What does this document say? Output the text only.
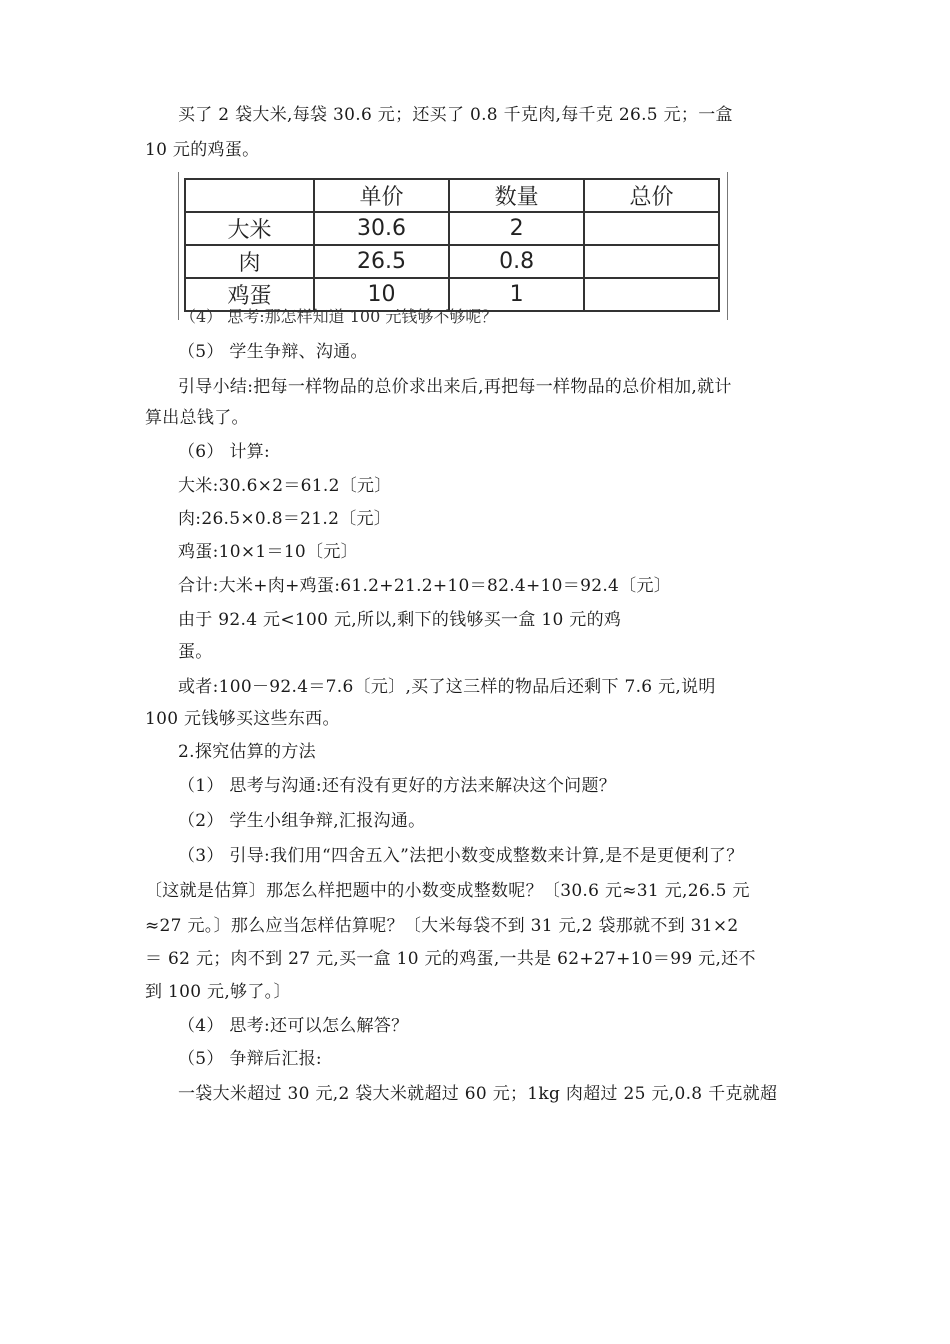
买了 2 袋大米,每袋 30.6 元；还买了 0.8 千克肉,每千克 26.5 元；一盒
10 元的鸡蛋。
	单价	数量	总价
大米	30.6	2	
肉	26.5	0.8	
鸡蛋	10	1	
（4） 思考:那怎样知道 100 元钱够不够呢？
（5） 学生争辩、沟通。
引导小结:把每一样物品的总价求出来后,再把每一样物品的总价相加,就计
算出总钱了。
（6） 计算:
大米:30.6×2＝61.2〔元〕
肉:26.5×0.8＝21.2〔元〕
鸡蛋:10×1＝10〔元〕
合计:大米+肉+鸡蛋:61.2+21.2+10＝82.4+10＝92.4〔元〕
由于 92.4 元<100 元,所以,剩下的钱够买一盒 10 元的鸡
蛋。
或者:100－92.4＝7.6〔元〕,买了这三样的物品后还剩下 7.6 元,说明
100 元钱够买这些东西。
2.探究估算的方法
（1） 思考与沟通:还有没有更好的方法来解决这个问题？
（2） 学生小组争辩,汇报沟通。
（3） 引导:我们用“四舍五入”法把小数变成整数来计算,是不是更便利了？
〔这就是估算〕那怎么样把题中的小数变成整数呢？〔30.6 元≈31 元,26.5 元
≈27 元。〕那么应当怎样估算呢？〔大米每袋不到 31 元,2 袋那就不到 31×2
＝ 62 元；肉不到 27 元,买一盒 10 元的鸡蛋,一共是 62+27+10＝99 元,还不
到 100 元,够了。〕
（4） 思考:还可以怎么解答？
（5） 争辩后汇报:
一袋大米超过 30 元,2 袋大米就超过 60 元；1kg 肉超过 25 元,0.8 千克就超
